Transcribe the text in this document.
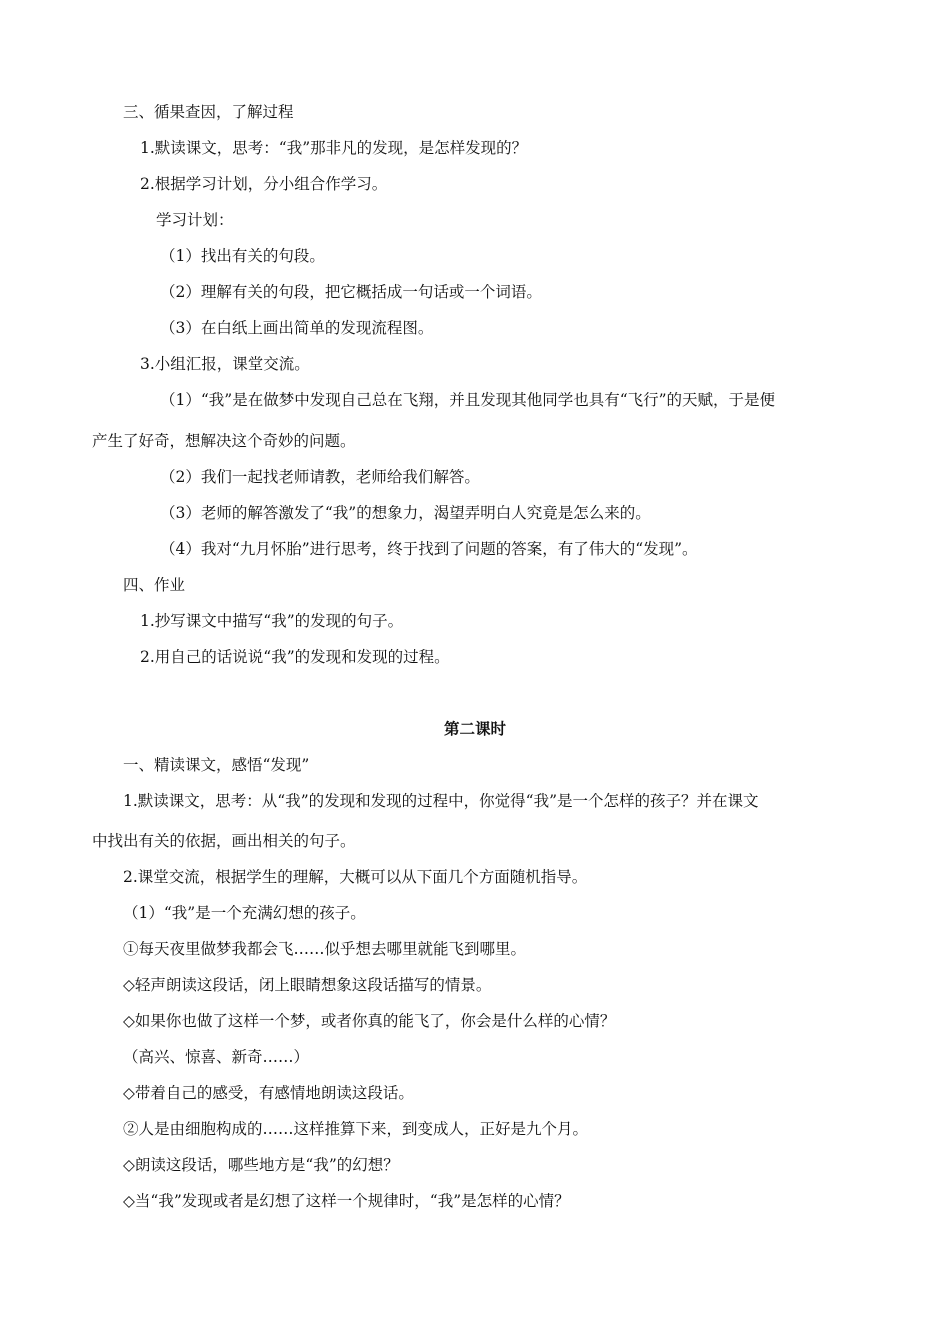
三、循果查因，了解过程
1.默读课文，思考：“我”那非凡的发现，是怎样发现的？
2.根据学习计划，分小组合作学习。
学习计划：
（1）找出有关的句段。
（2）理解有关的句段，把它概括成一句话或一个词语。
（3）在白纸上画出简单的发现流程图。
3.小组汇报，课堂交流。
（1）“我”是在做梦中发现自己总在飞翔，并且发现其他同学也具有“飞行”的天赋，于是便
产生了好奇，想解决这个奇妙的问题。
（2）我们一起找老师请教，老师给我们解答。
（3）老师的解答激发了“我”的想象力，渴望弄明白人究竟是怎么来的。
（4）我对“九月怀胎”进行思考，终于找到了问题的答案，有了伟大的“发现”。
四、作业
1.抄写课文中描写“我”的发现的句子。
2.用自己的话说说“我”的发现和发现的过程。
第二课时
一、精读课文，感悟“发现”
1.默读课文，思考：从“我”的发现和发现的过程中，你觉得“我”是一个怎样的孩子？并在课文
中找出有关的依据，画出相关的句子。
2.课堂交流，根据学生的理解，大概可以从下面几个方面随机指导。
（1）“我”是一个充满幻想的孩子。
①每天夜里做梦我都会飞……似乎想去哪里就能飞到哪里。
◇轻声朗读这段话，闭上眼睛想象这段话描写的情景。
◇如果你也做了这样一个梦，或者你真的能飞了，你会是什么样的心情？
（高兴、惊喜、新奇……）
◇带着自己的感受，有感情地朗读这段话。
②人是由细胞构成的……这样推算下来，到变成人，正好是九个月。
◇朗读这段话，哪些地方是“我”的幻想？
◇当“我”发现或者是幻想了这样一个规律时，“我”是怎样的心情？
